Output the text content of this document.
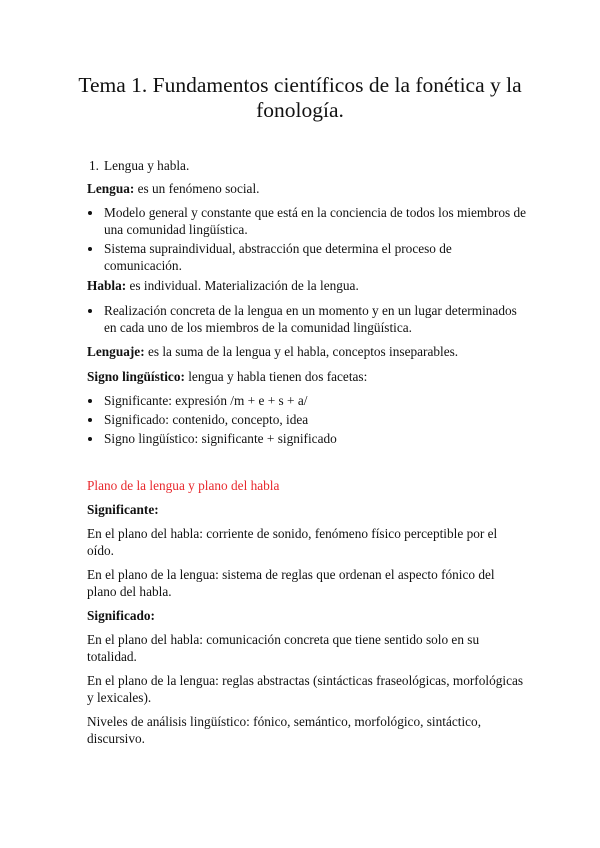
Tema 1. Fundamentos científicos de la fonética y la fonología.
1. Lengua y habla.

Lengua: es un fenómeno social.

Modelo general y constante que está en la conciencia de todos los miembros de una comunidad lingüística.
Sistema supraindividual, abstracción que determina el proceso de comunicación.

Habla: es individual. Materialización de la lengua.

Realización concreta de la lengua en un momento y en un lugar determinados en cada uno de los miembros de la comunidad lingüística.

Lenguaje: es la suma de la lengua y el habla, conceptos inseparables.

Signo lingüístico: lengua y habla tienen dos facetas:

Significante: expresión /m + e + s + a/
Significado: contenido, concepto, idea
Signo lingüístico: significante + significado

Plano de la lengua y plano del habla

Significante:

En el plano del habla: corriente de sonido, fenómeno físico perceptible por el oído.

En el plano de la lengua: sistema de reglas que ordenan el aspecto fónico del plano del habla.

Significado:

En el plano del habla: comunicación concreta que tiene sentido solo en su totalidad.

En el plano de la lengua: reglas abstractas (sintácticas fraseológicas, morfológicas y lexicales).

Niveles de análisis lingüístico: fónico, semántico, morfológico, sintáctico, discursivo.
